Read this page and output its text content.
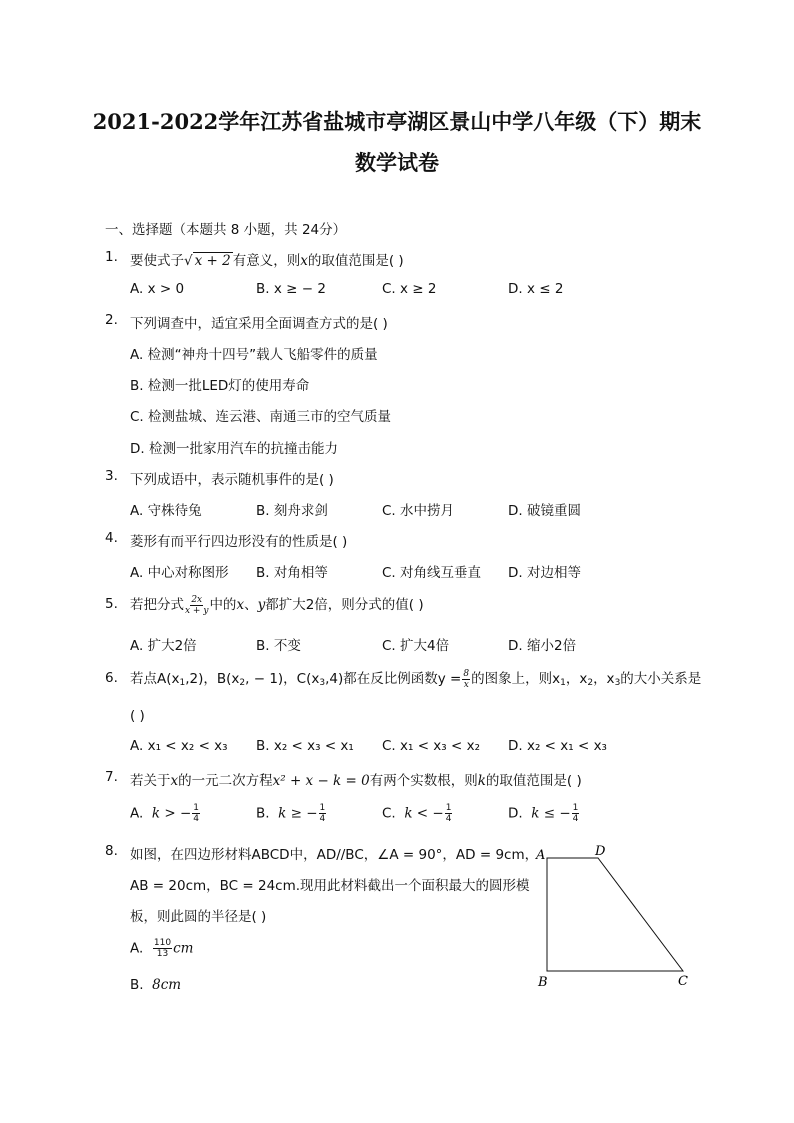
2021-2022学年江苏省盐城市亭湖区景山中学八年级（下）期末
数学试卷
一、选择题（本题共 8 小题，共 24分）
1. 要使式子√ x + 2 有意义，则x的取值范围是( )
A. x > 0	B. x ≥ − 2	C. x ≥ 2	D. x ≤ 2
2. 下列调查中，适宜采用全面调查方式的是( )
A. 检测“神舟十四号”载人飞船零件的质量
B. 检测一批LED灯的使用寿命
C. 检测盐城、连云港、南通三市的空气质量
D. 检测一批家用汽车的抗撞击能力
3. 下列成语中，表示随机事件的是( )
A. 守株待兔	B. 刻舟求剑	C. 水中捞月	D. 破镜重圆
4. 菱形有而平行四边形没有的性质是( )
A. 中心对称图形 B. 对角相等	C. 对角线互垂直 D. 对边相等
5. 若把分式 $\frac{2x}{x + y}$ 中的x、y都扩大2倍，则分式的值( )
A. 扩大2倍	B. 不变	C. 扩大4倍	D. 缩小2倍
6. 若点$A(x_1,2)$，$B(x_2$, − 1)，$C(x_3,4)$都在反比例函数$y = \frac{8}{x}$ 的图象上，则$x_1$，$x_2$，$x_3$的大小关系是
( )
A. x₁ < x₂ < x₃ B. x₂ < x₃ < x₁ C. x₁ < x₃ < x₂ D. x₂ < x₁ < x₃
7. 若关于x的一元二次方程x² + x − k = 0有两个实数根，则k的取值范围是( )
A. k > − $\frac{1}{4}$	B. k ≥ − $\frac{1}{4}$	C. k < − $\frac{1}{4}$	D. k ≤ − $\frac{1}{4}$
8. 如图，在四边形材料ABCD中，AD//BC，∠A = 90°，AD = 9cm，
AB = 20cm，BC = 24cm.现用此材料截出一个面积最大的圆形模
板，则此圆的半径是( )
A. $\frac{110}{13}$ cm
B. 8cm
A	D
B	C
